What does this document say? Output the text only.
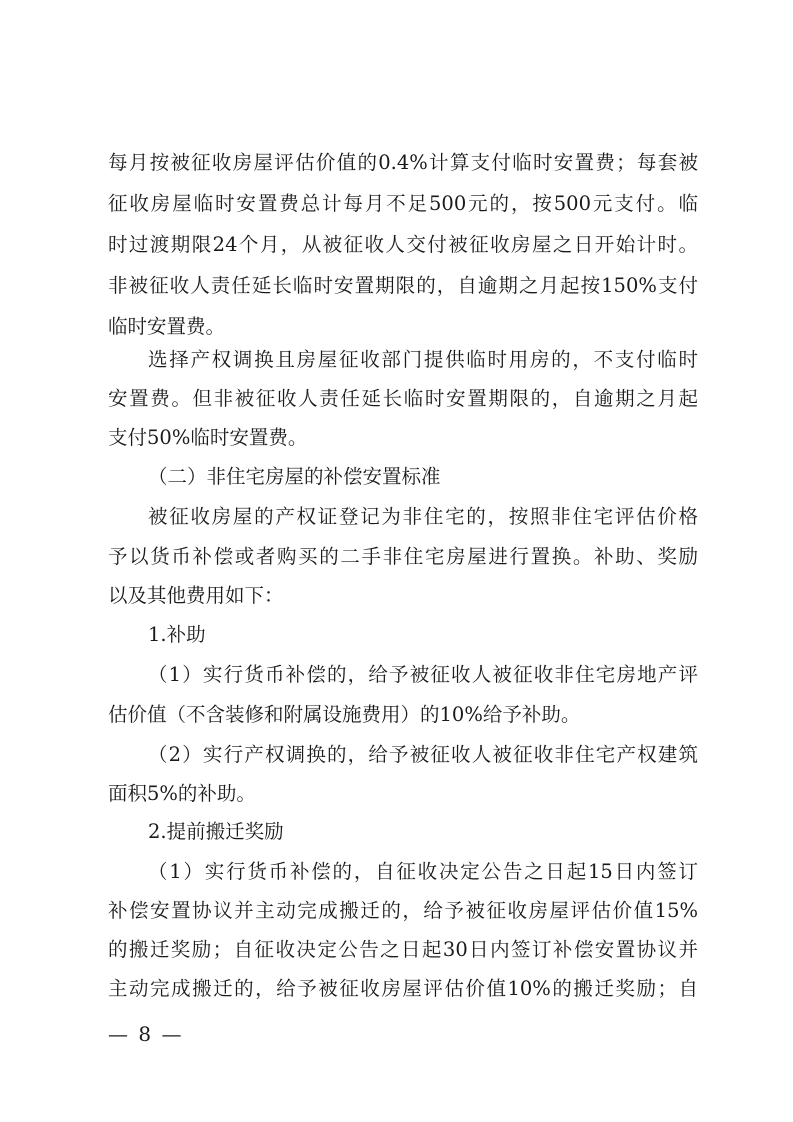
每月按被征收房屋评估价值的0.4%计算支付临时安置费；每套被
征收房屋临时安置费总计每月不足500元的，按500元支付。临
时过渡期限24个月，从被征收人交付被征收房屋之日开始计时。
非被征收人责任延长临时安置期限的，自逾期之月起按150%支付
临时安置费。
选择产权调换且房屋征收部门提供临时用房的，不支付临时
安置费。但非被征收人责任延长临时安置期限的，自逾期之月起
支付50%临时安置费。
（二）非住宅房屋的补偿安置标准
被征收房屋的产权证登记为非住宅的，按照非住宅评估价格
予以货币补偿或者购买的二手非住宅房屋进行置换。补助、奖励
以及其他费用如下：
1.补助
（1）实行货币补偿的，给予被征收人被征收非住宅房地产评
估价值（不含装修和附属设施费用）的10%给予补助。
（2）实行产权调换的，给予被征收人被征收非住宅产权建筑
面积5%的补助。
2.提前搬迁奖励
（1）实行货币补偿的，自征收决定公告之日起15日内签订
补偿安置协议并主动完成搬迁的，给予被征收房屋评估价值15%
的搬迁奖励；自征收决定公告之日起30日内签订补偿安置协议并
主动完成搬迁的，给予被征收房屋评估价值10%的搬迁奖励；自
— 8 —
